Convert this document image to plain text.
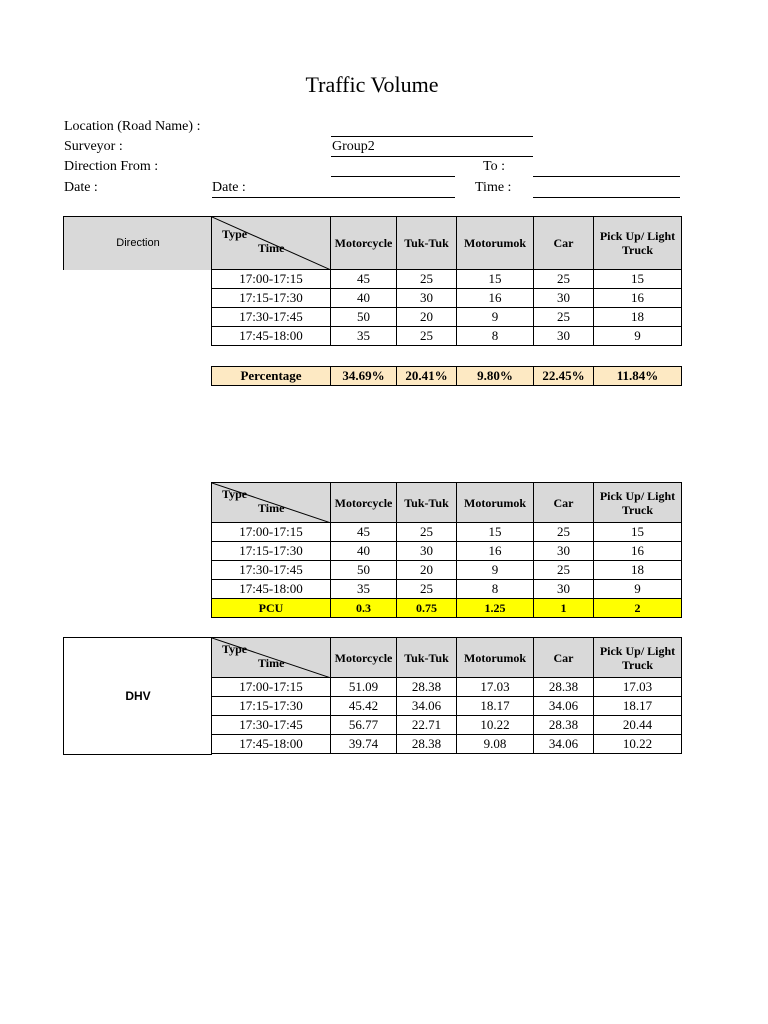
Traffic Volume
Location (Road Name) :
Surveyor :	Group2
Direction From :	To :
Date :	Date :	Time :
Direction
Type
Time	Motorcycle	Tuk-Tuk	Motorumok	Car	Pick Up/ Light Truck
17:00-17:15	45	25	15	25	15
17:15-17:30	40	30	16	30	16
17:30-17:45	50	20	9	25	18
17:45-18:00	35	25	8	30	9
Percentage	34.69%	20.41%	9.80%	22.45%	11.84%
Type
Time	Motorcycle	Tuk-Tuk	Motorumok	Car	Pick Up/ Light Truck
17:00-17:15	45	25	15	25	15
17:15-17:30	40	30	16	30	16
17:30-17:45	50	20	9	25	18
17:45-18:00	35	25	8	30	9
PCU	0.3	0.75	1.25	1	2
DHV
Type
Time	Motorcycle	Tuk-Tuk	Motorumok	Car	Pick Up/ Light Truck
17:00-17:15	51.09	28.38	17.03	28.38	17.03
17:15-17:30	45.42	34.06	18.17	34.06	18.17
17:30-17:45	56.77	22.71	10.22	28.38	20.44
17:45-18:00	39.74	28.38	9.08	34.06	10.22
